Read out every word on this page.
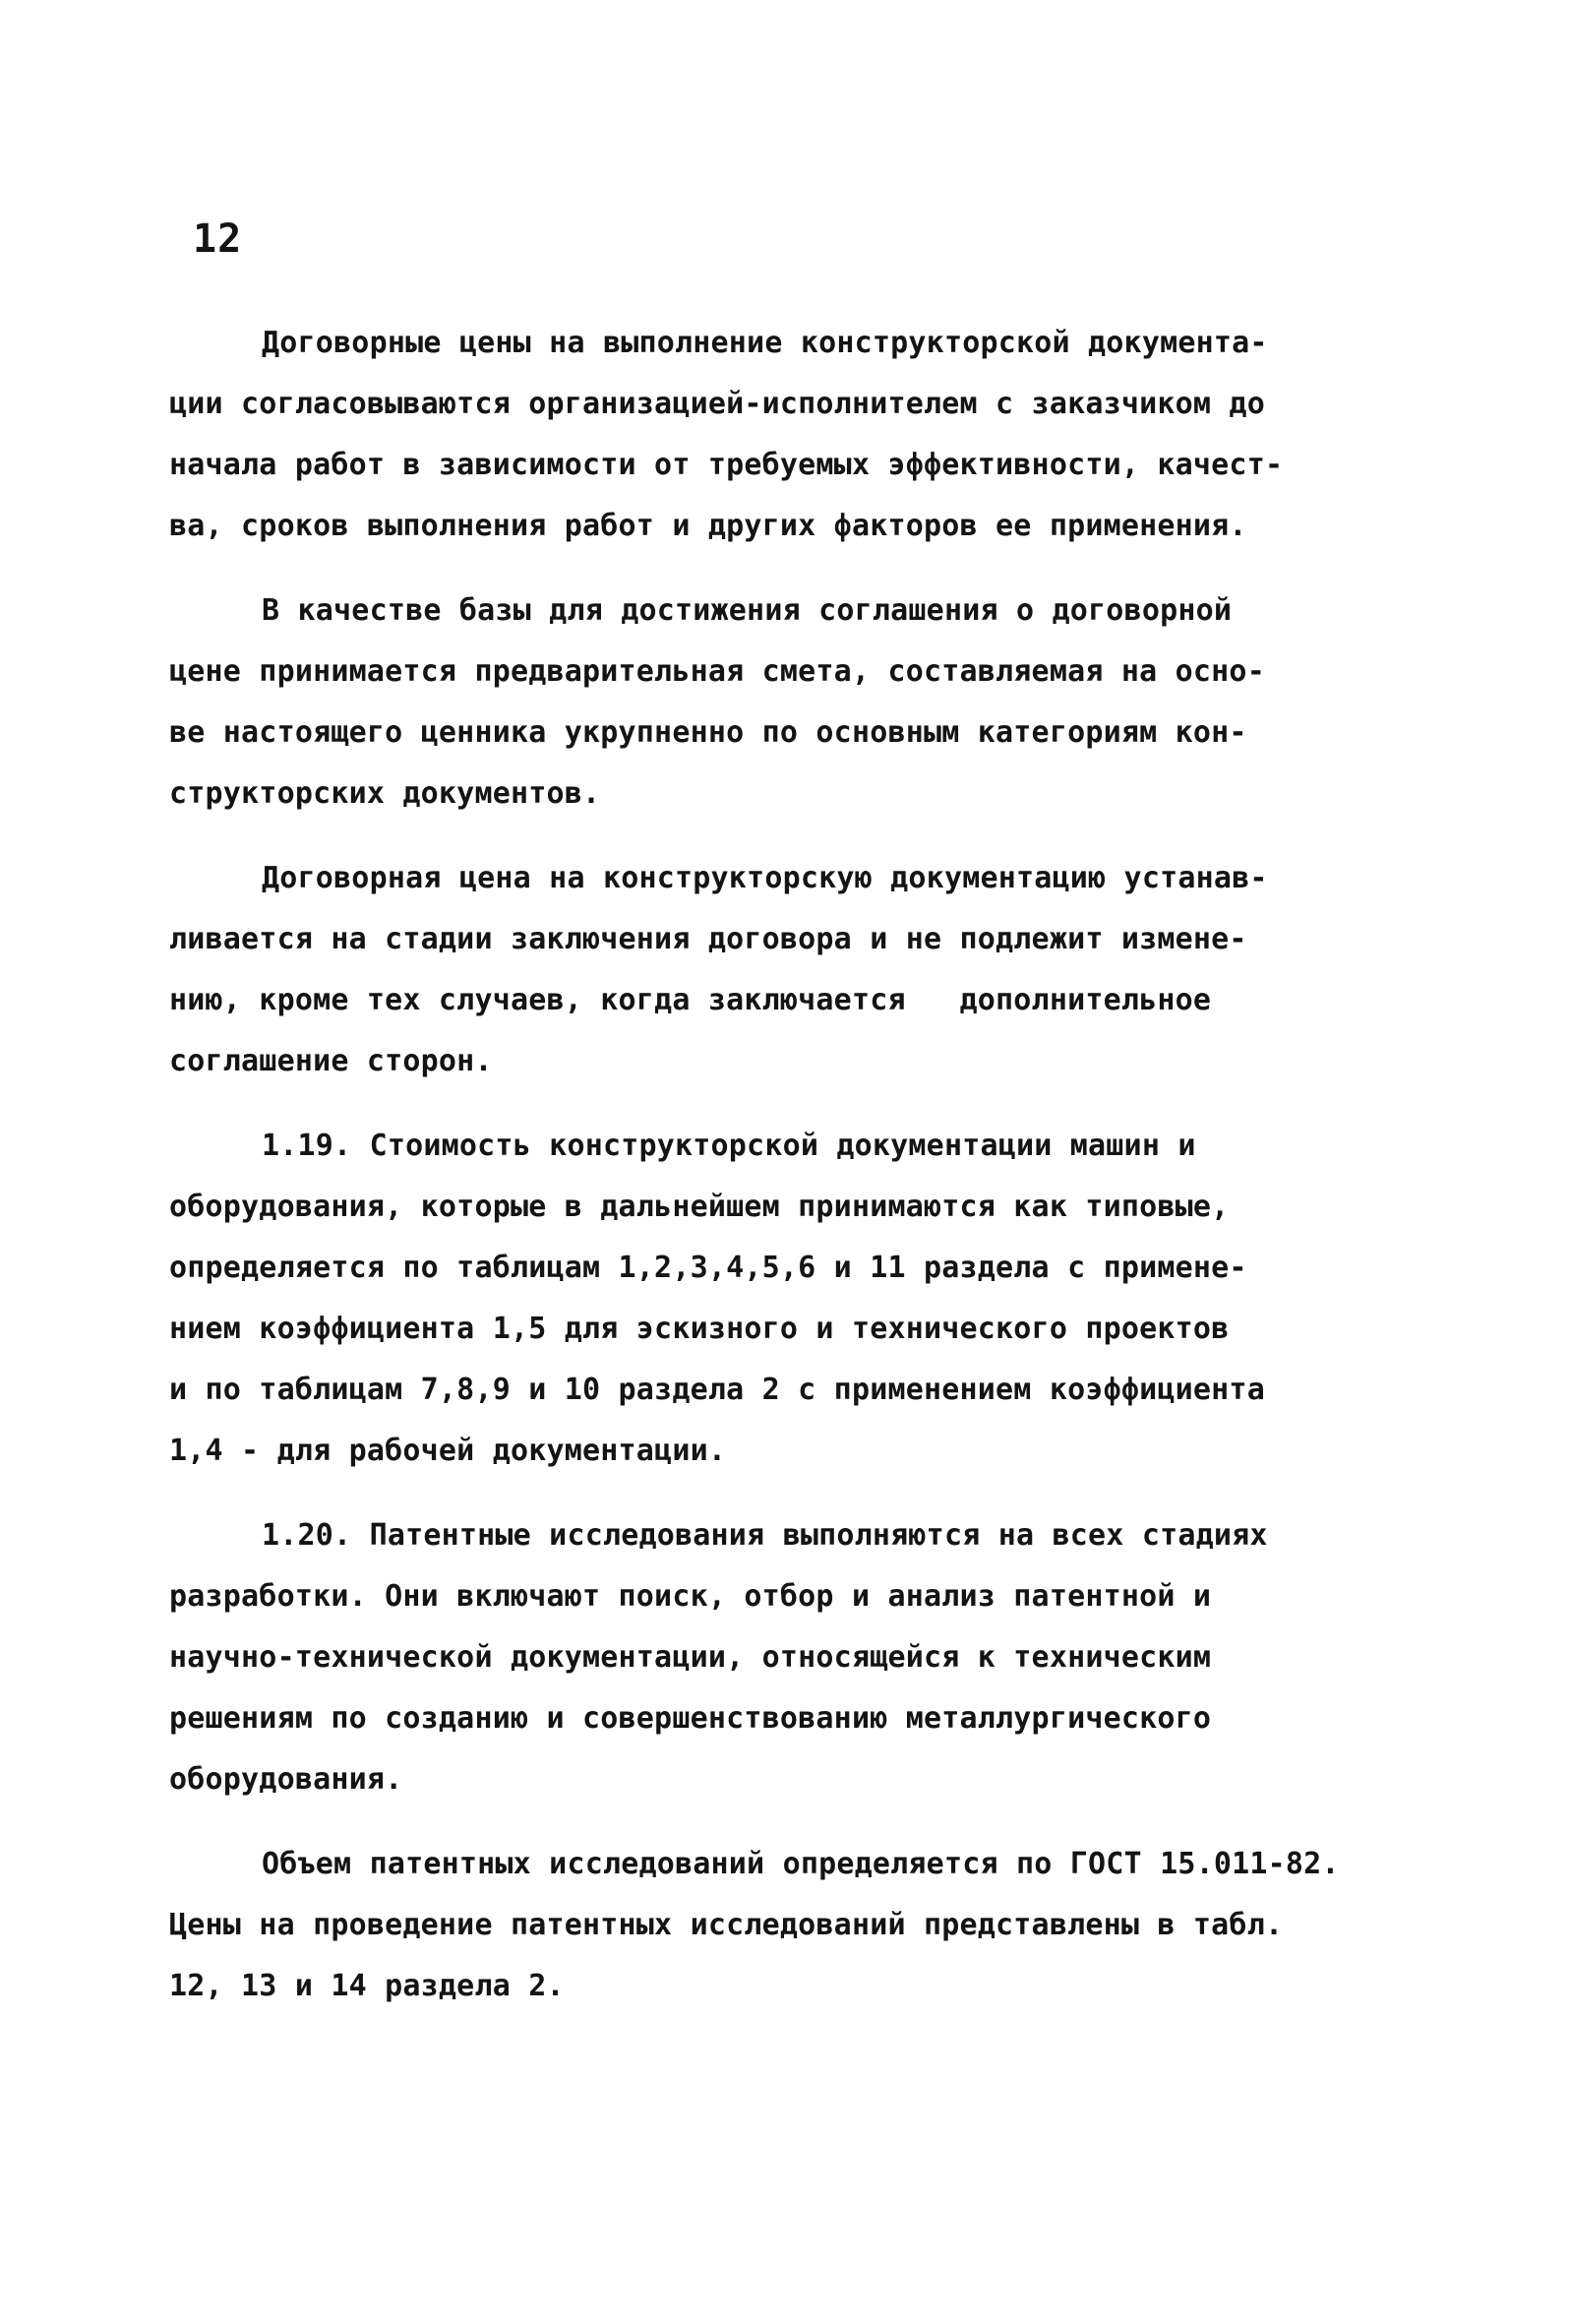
12
Договорные цены на выполнение конструкторской документа-
ции согласовываются организацией-исполнителем с заказчиком до
начала работ в зависимости от требуемых эффективности, качест-
ва, сроков выполнения работ и других факторов ее применения.
В качестве базы для достижения соглашения о договорной
цене принимается предварительная смета, составляемая на осно-
ве настоящего ценника укрупненно по основным категориям кон-
структорских документов.
Договорная цена на конструкторскую документацию устанав-
ливается на стадии заключения договора и не подлежит измене-
нию, кроме тех случаев, когда заключается   дополнительное
соглашение сторон.
1.19. Стоимость конструкторской документации машин и
оборудования, которые в дальнейшем принимаются как типовые,
определяется по таблицам 1,2,3,4,5,6 и 11 раздела с примене-
нием коэффициента 1,5 для эскизного и технического проектов
и по таблицам 7,8,9 и 10 раздела 2 с применением коэффициента
1,4 - для рабочей документации.
1.20. Патентные исследования выполняются на всех стадиях
разработки. Они включают поиск, отбор и анализ патентной и
научно-технической документации, относящейся к техническим
решениям по созданию и совершенствованию металлургического
оборудования.
Объем патентных исследований определяется по ГОСТ 15.011-82.
Цены на проведение патентных исследований представлены в табл.
12, 13 и 14 раздела 2.
